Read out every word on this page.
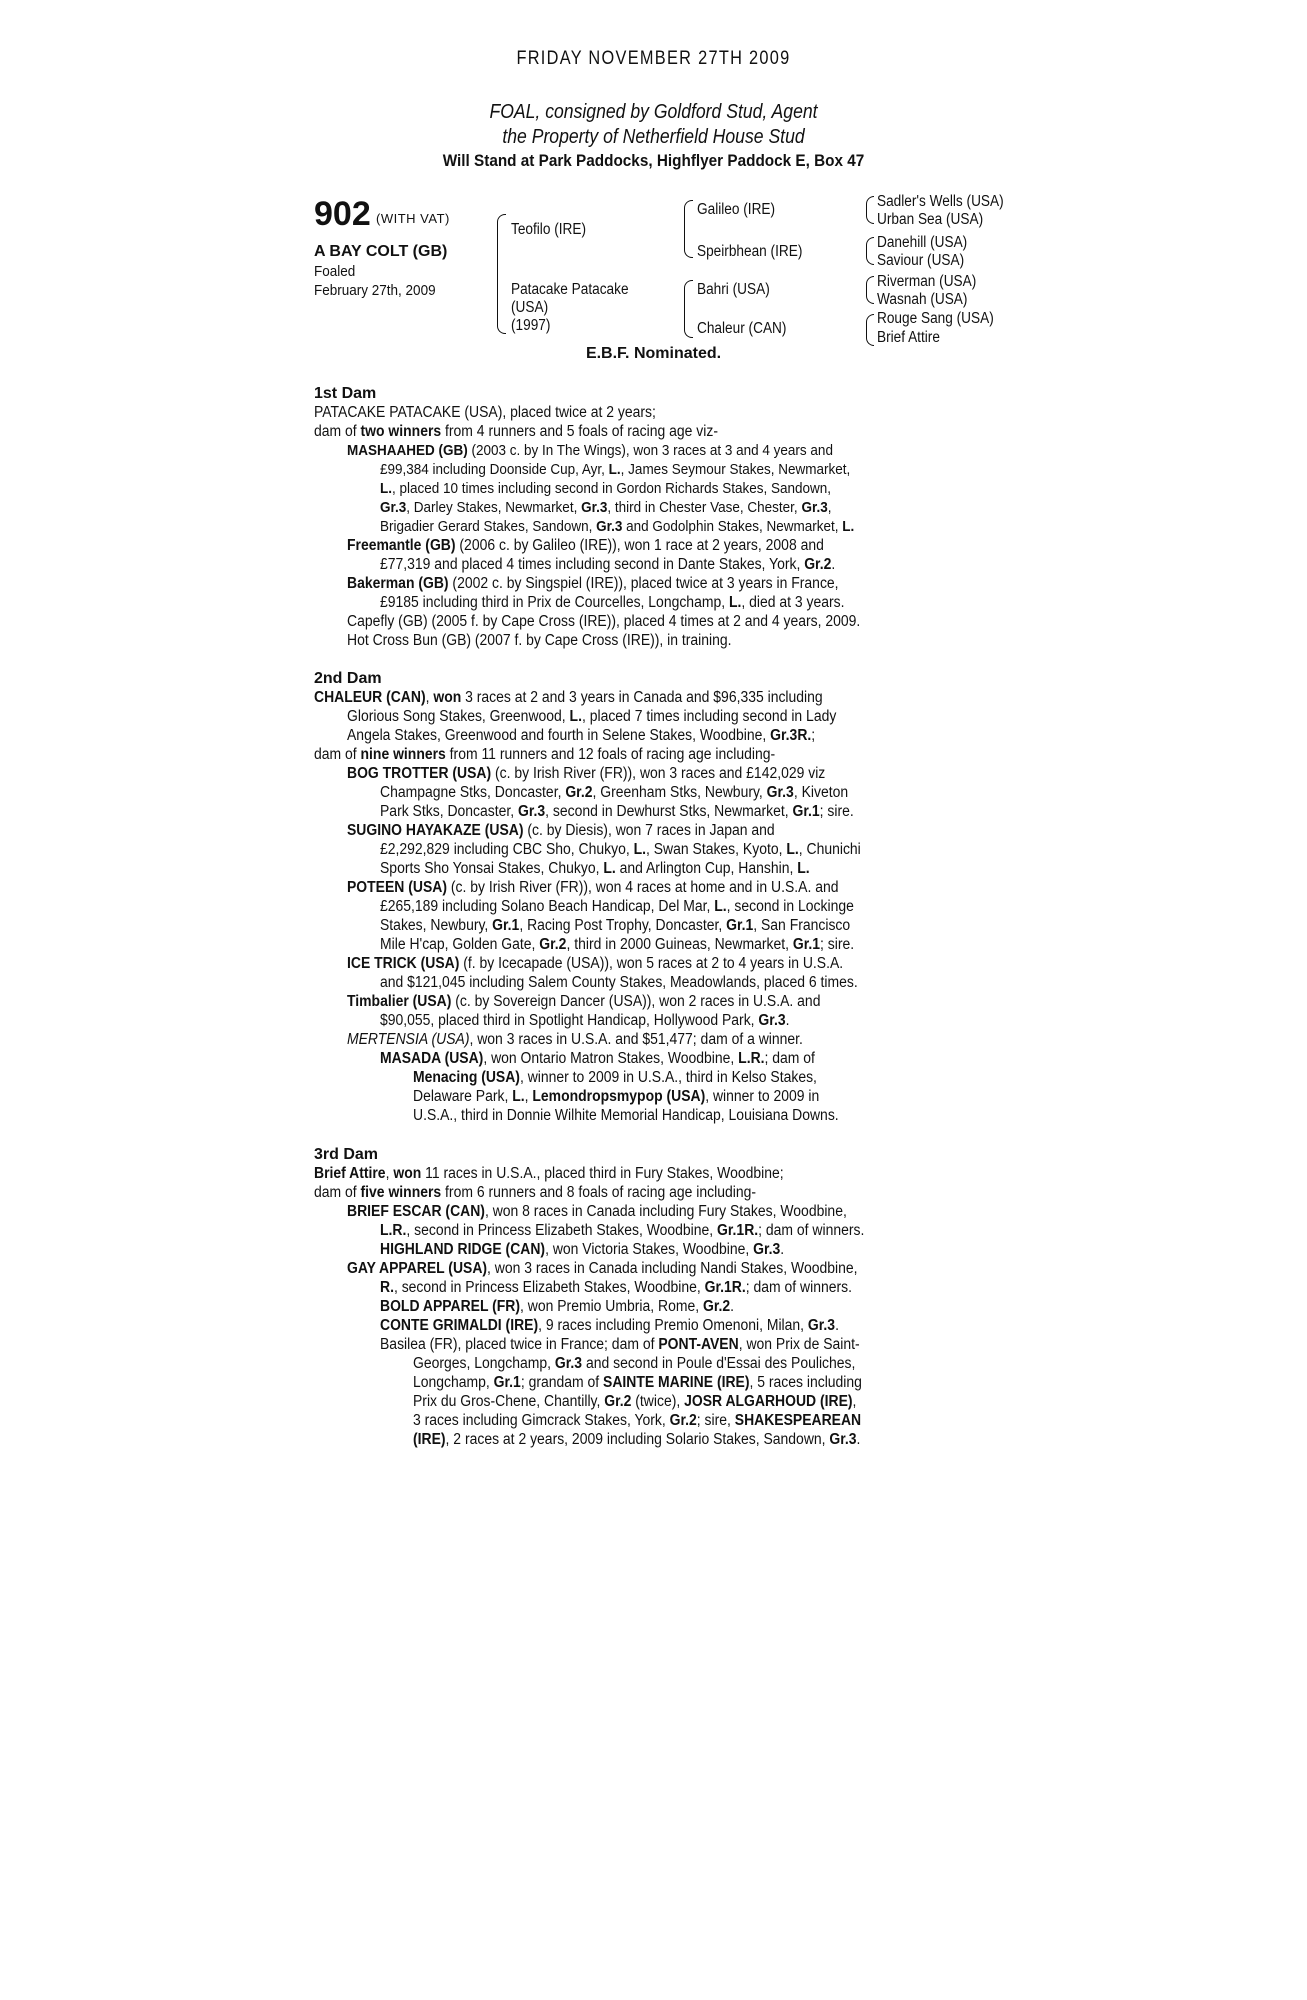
FRIDAY NOVEMBER 27TH 2009
FOAL, consigned by Goldford Stud, Agent
the Property of Netherfield House Stud
Will Stand at Park Paddocks, Highflyer Paddock E, Box 47
902 (WITH VAT)
A BAY COLT (GB)
Foaled
February 27th, 2009
Teofilo (IRE)
Patacake Patacake
(USA)
(1997)
Galileo (IRE)
Speirbhean (IRE)
Bahri (USA)
Chaleur (CAN)
Sadler's Wells (USA)
Urban Sea (USA)
Danehill (USA)
Saviour (USA)
Riverman (USA)
Wasnah (USA)
Rouge Sang (USA)
Brief Attire
E.B.F. Nominated.
1st Dam
PATACAKE PATACAKE (USA), placed twice at 2 years;
dam of two winners from 4 runners and 5 foals of racing age viz-
MASHAAHED (GB) (2003 c. by In The Wings), won 3 races at 3 and 4 years and
£99,384 including Doonside Cup, Ayr, L., James Seymour Stakes, Newmarket,
L., placed 10 times including second in Gordon Richards Stakes, Sandown,
Gr.3, Darley Stakes, Newmarket, Gr.3, third in Chester Vase, Chester, Gr.3,
Brigadier Gerard Stakes, Sandown, Gr.3 and Godolphin Stakes, Newmarket, L.
Freemantle (GB) (2006 c. by Galileo (IRE)), won 1 race at 2 years, 2008 and
£77,319 and placed 4 times including second in Dante Stakes, York, Gr.2.
Bakerman (GB) (2002 c. by Singspiel (IRE)), placed twice at 3 years in France,
£9185 including third in Prix de Courcelles, Longchamp, L., died at 3 years.
Capefly (GB) (2005 f. by Cape Cross (IRE)), placed 4 times at 2 and 4 years, 2009.
Hot Cross Bun (GB) (2007 f. by Cape Cross (IRE)), in training.
2nd Dam
CHALEUR (CAN), won 3 races at 2 and 3 years in Canada and $96,335 including
Glorious Song Stakes, Greenwood, L., placed 7 times including second in Lady
Angela Stakes, Greenwood and fourth in Selene Stakes, Woodbine, Gr.3R.;
dam of nine winners from 11 runners and 12 foals of racing age including-
BOG TROTTER (USA) (c. by Irish River (FR)), won 3 races and £142,029 viz
Champagne Stks, Doncaster, Gr.2, Greenham Stks, Newbury, Gr.3, Kiveton
Park Stks, Doncaster, Gr.3, second in Dewhurst Stks, Newmarket, Gr.1; sire.
SUGINO HAYAKAZE (USA) (c. by Diesis), won 7 races in Japan and
£2,292,829 including CBC Sho, Chukyo, L., Swan Stakes, Kyoto, L., Chunichi
Sports Sho Yonsai Stakes, Chukyo, L. and Arlington Cup, Hanshin, L.
POTEEN (USA) (c. by Irish River (FR)), won 4 races at home and in U.S.A. and
£265,189 including Solano Beach Handicap, Del Mar, L., second in Lockinge
Stakes, Newbury, Gr.1, Racing Post Trophy, Doncaster, Gr.1, San Francisco
Mile H'cap, Golden Gate, Gr.2, third in 2000 Guineas, Newmarket, Gr.1; sire.
ICE TRICK (USA) (f. by Icecapade (USA)), won 5 races at 2 to 4 years in U.S.A.
and $121,045 including Salem County Stakes, Meadowlands, placed 6 times.
Timbalier (USA) (c. by Sovereign Dancer (USA)), won 2 races in U.S.A. and
$90,055, placed third in Spotlight Handicap, Hollywood Park, Gr.3.
MERTENSIA (USA), won 3 races in U.S.A. and $51,477; dam of a winner.
MASADA (USA), won Ontario Matron Stakes, Woodbine, L.R.; dam of
Menacing (USA), winner to 2009 in U.S.A., third in Kelso Stakes,
Delaware Park, L., Lemondropsmypop (USA), winner to 2009 in
U.S.A., third in Donnie Wilhite Memorial Handicap, Louisiana Downs.
3rd Dam
Brief Attire, won 11 races in U.S.A., placed third in Fury Stakes, Woodbine;
dam of five winners from 6 runners and 8 foals of racing age including-
BRIEF ESCAR (CAN), won 8 races in Canada including Fury Stakes, Woodbine,
L.R., second in Princess Elizabeth Stakes, Woodbine, Gr.1R.; dam of winners.
HIGHLAND RIDGE (CAN), won Victoria Stakes, Woodbine, Gr.3.
GAY APPAREL (USA), won 3 races in Canada including Nandi Stakes, Woodbine,
R., second in Princess Elizabeth Stakes, Woodbine, Gr.1R.; dam of winners.
BOLD APPAREL (FR), won Premio Umbria, Rome, Gr.2.
CONTE GRIMALDI (IRE), 9 races including Premio Omenoni, Milan, Gr.3.
Basilea (FR), placed twice in France; dam of PONT-AVEN, won Prix de Saint-
Georges, Longchamp, Gr.3 and second in Poule d'Essai des Pouliches,
Longchamp, Gr.1; grandam of SAINTE MARINE (IRE), 5 races including
Prix du Gros-Chene, Chantilly, Gr.2 (twice), JOSR ALGARHOUD (IRE),
3 races including Gimcrack Stakes, York, Gr.2; sire, SHAKESPEAREAN
(IRE), 2 races at 2 years, 2009 including Solario Stakes, Sandown, Gr.3.
